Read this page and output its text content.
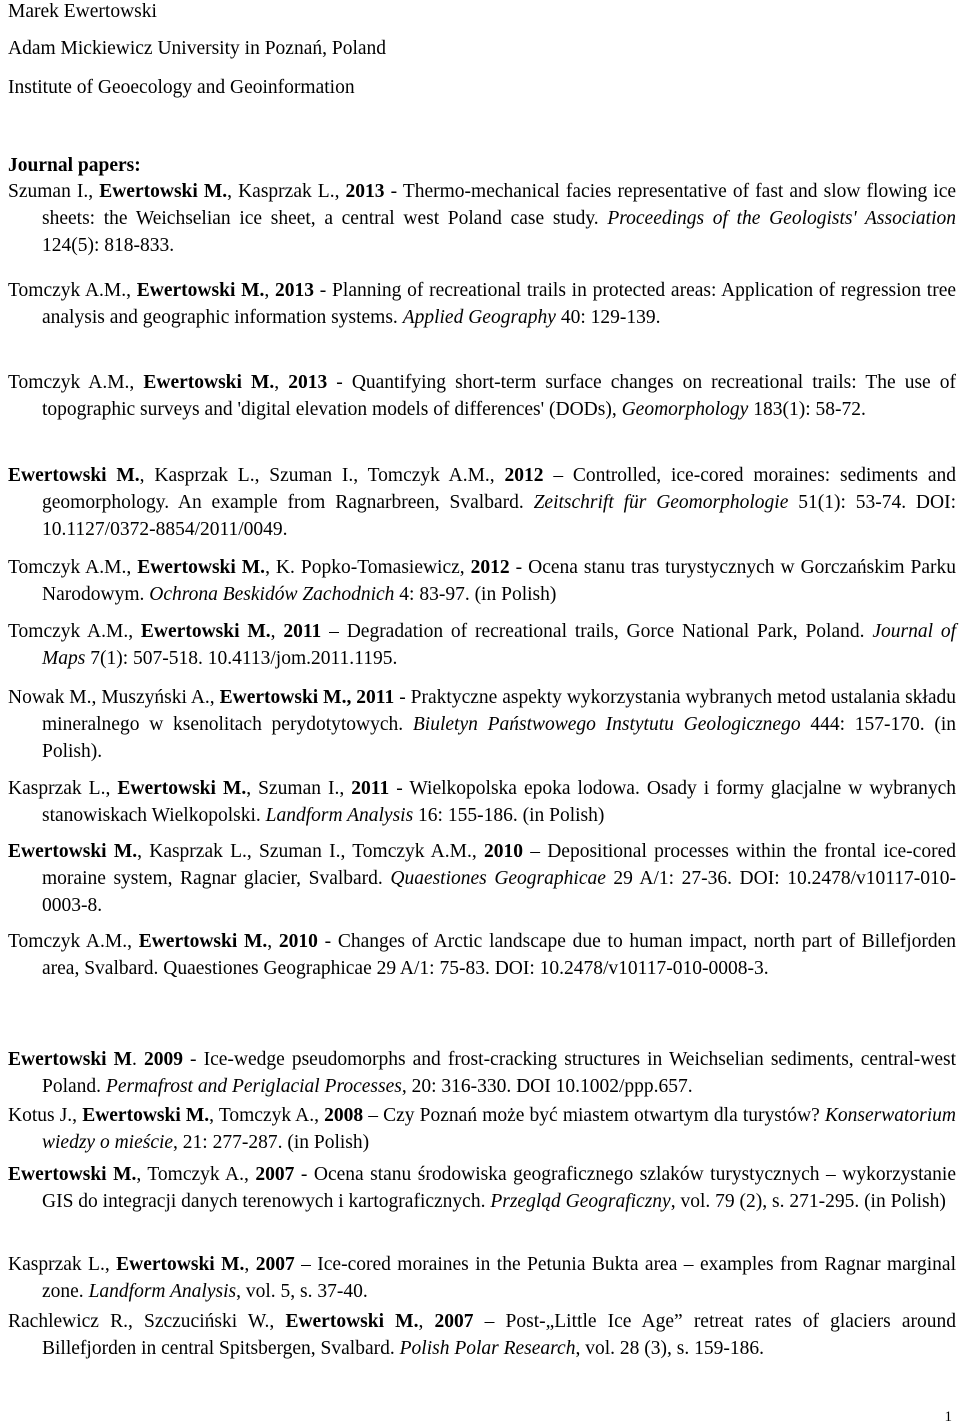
Marek Ewertowski

Adam Mickiewicz University in Poznań, Poland

Institute of Geoecology and Geoinformation

Journal papers:

Szuman I., Ewertowski M., Kasprzak L., 2013 - Thermo-mechanical facies representative of fast and slow flowing ice sheets: the Weichselian ice sheet, a central west Poland case study. Proceedings of the Geologists' Association 124(5): 818-833.

Tomczyk A.M., Ewertowski M., 2013 - Planning of recreational trails in protected areas: Application of regression tree analysis and geographic information systems. Applied Geography 40: 129-139.

Tomczyk A.M., Ewertowski M., 2013 - Quantifying short-term surface changes on recreational trails: The use of topographic surveys and 'digital elevation models of differences' (DODs), Geomorphology 183(1): 58-72.

Ewertowski M., Kasprzak L., Szuman I., Tomczyk A.M., 2012 – Controlled, ice-cored moraines: sediments and geomorphology. An example from Ragnarbreen, Svalbard. Zeitschrift für Geomorphologie 51(1): 53-74. DOI: 10.1127/0372-8854/2011/0049.

Tomczyk A.M., Ewertowski M., K. Popko-Tomasiewicz, 2012 - Ocena stanu tras turystycznych w Gorczańskim Parku Narodowym. Ochrona Beskidów Zachodnich 4: 83-97. (in Polish)

Tomczyk A.M., Ewertowski M., 2011 – Degradation of recreational trails, Gorce National Park, Poland. Journal of Maps 7(1): 507-518. 10.4113/jom.2011.1195.

Nowak M., Muszyński A., Ewertowski M., 2011 - Praktyczne aspekty wykorzystania wybranych metod ustalania składu mineralnego w ksenolitach perydotytowych. Biuletyn Państwowego Instytutu Geologicznego 444: 157-170. (in Polish).

Kasprzak L., Ewertowski M., Szuman I., 2011 - Wielkopolska epoka lodowa. Osady i formy glacjalne w wybranych stanowiskach Wielkopolski. Landform Analysis 16: 155-186. (in Polish)

Ewertowski M., Kasprzak L., Szuman I., Tomczyk A.M., 2010 – Depositional processes within the frontal ice-cored moraine system, Ragnar glacier, Svalbard. Quaestiones Geographicae 29 A/1: 27-36. DOI: 10.2478/v10117-010-0003-8.

Tomczyk A.M., Ewertowski M., 2010 - Changes of Arctic landscape due to human impact, north part of Billefjorden area, Svalbard. Quaestiones Geographicae 29 A/1: 75-83. DOI: 10.2478/v10117-010-0008-3.

Ewertowski M. 2009 - Ice-wedge pseudomorphs and frost-cracking structures in Weichselian sediments, central-west Poland. Permafrost and Periglacial Processes, 20: 316-330. DOI 10.1002/ppp.657.

Kotus J., Ewertowski M., Tomczyk A., 2008 – Czy Poznań może być miastem otwartym dla turystów? Konserwatorium wiedzy o mieście, 21: 277-287. (in Polish)

Ewertowski M., Tomczyk A., 2007 - Ocena stanu środowiska geograficznego szlaków turystycznych – wykorzystanie GIS do integracji danych terenowych i kartograficznych. Przegląd Geograficzny, vol. 79 (2), s. 271-295. (in Polish)

Kasprzak L., Ewertowski M., 2007 – Ice-cored moraines in the Petunia Bukta area – examples from Ragnar marginal zone. Landform Analysis, vol. 5, s. 37-40.

Rachlewicz R., Szczuciński W., Ewertowski M., 2007 – Post-„Little Ice Age” retreat rates of glaciers around Billefjorden in central Spitsbergen, Svalbard. Polish Polar Research, vol. 28 (3), s. 159-186.

1
